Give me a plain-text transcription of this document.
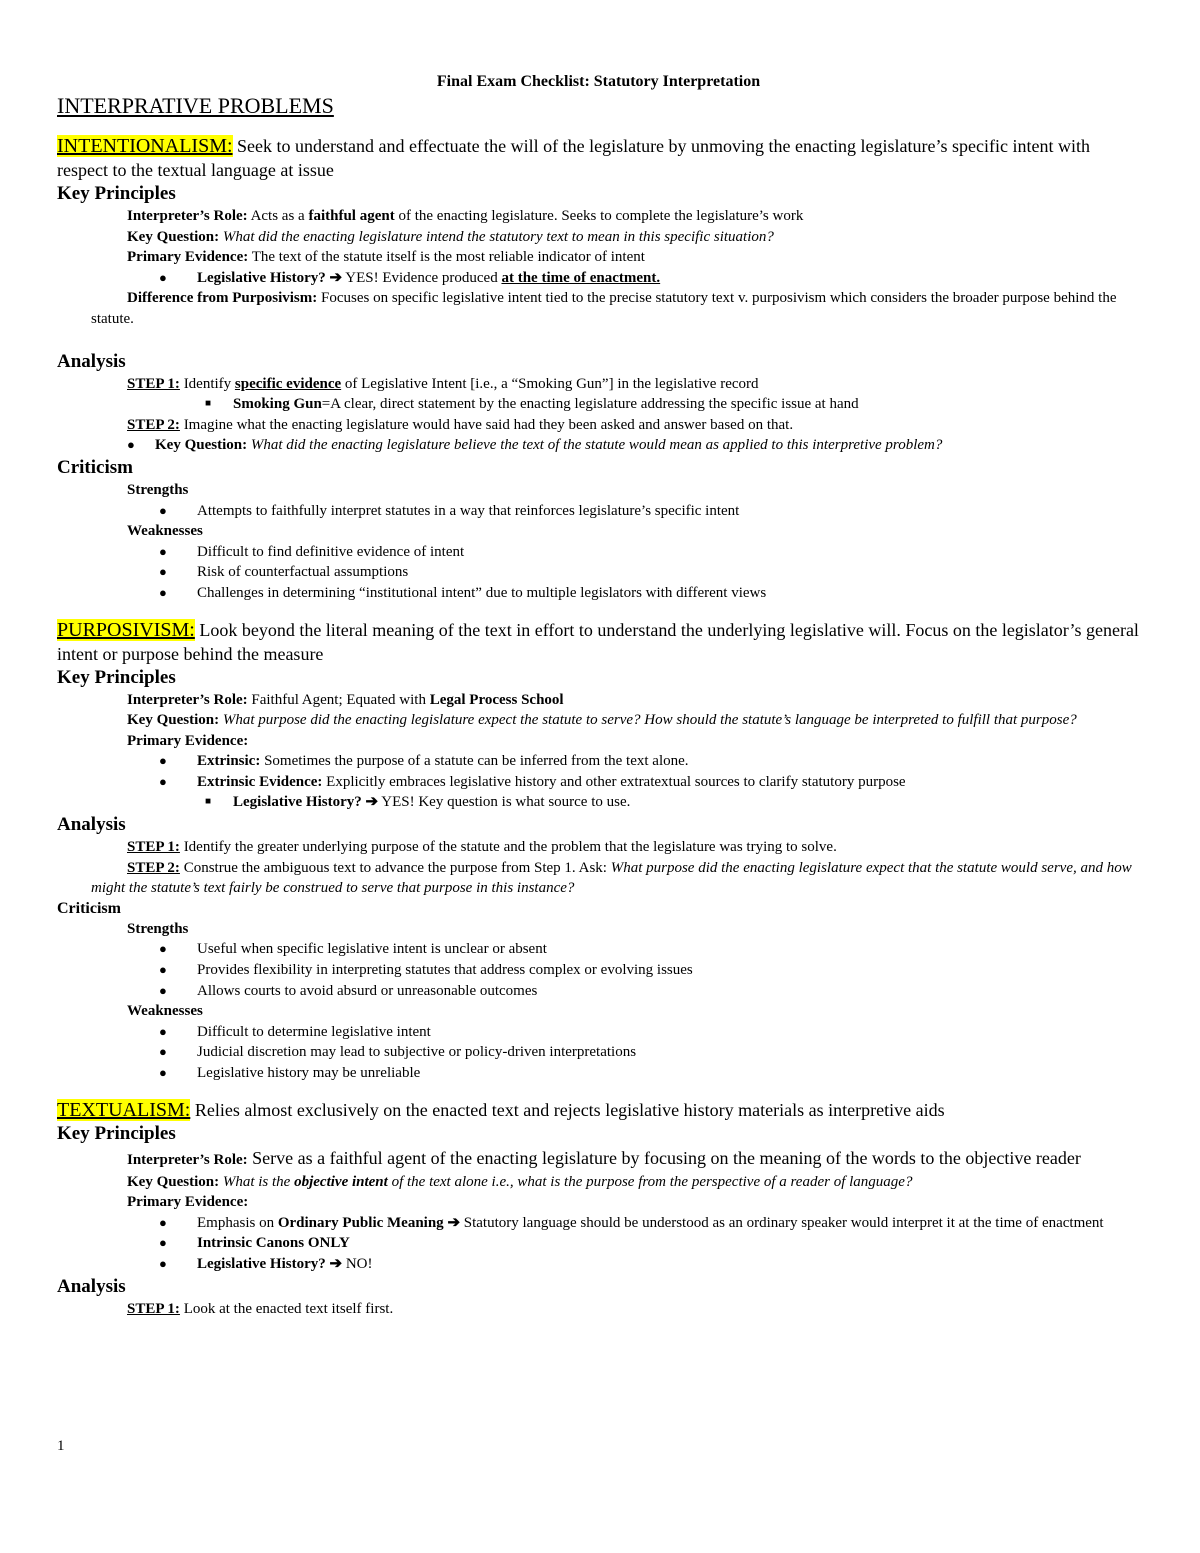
Final Exam Checklist: Statutory Interpretation

INTERPRATIVE PROBLEMS

INTENTIONALISM: Seek to understand and effectuate the will of the legislature by unmoving the enacting legislature’s specific intent with respect to the textual language at issue

Key Principles

Interpreter’s Role: Acts as a faithful agent of the enacting legislature. Seeks to complete the legislature’s work
Key Question: What did the enacting legislature intend the statutory text to mean in this specific situation?
Primary Evidence: The text of the statute itself is the most reliable indicator of intent
● Legislative History? ➔ YES! Evidence produced at the time of enactment.
Difference from Purposivism: Focuses on specific legislative intent tied to the precise statutory text v. purposivism which considers the broader purpose behind the statute.

Analysis

STEP 1: Identify specific evidence of Legislative Intent [i.e., a “Smoking Gun”] in the legislative record
■ Smoking Gun=A clear, direct statement by the enacting legislature addressing the specific issue at hand
STEP 2: Imagine what the enacting legislature would have said had they been asked and answer based on that.
● Key Question: What did the enacting legislature believe the text of the statute would mean as applied to this interpretive problem?

Criticism

Strengths
● Attempts to faithfully interpret statutes in a way that reinforces legislature’s specific intent
Weaknesses
● Difficult to find definitive evidence of intent
● Risk of counterfactual assumptions
● Challenges in determining “institutional intent” due to multiple legislators with different views

PURPOSIVISM: Look beyond the literal meaning of the text in effort to understand the underlying legislative will. Focus on the legislator’s general intent or purpose behind the measure

Key Principles

Interpreter’s Role: Faithful Agent; Equated with Legal Process School
Key Question: What purpose did the enacting legislature expect the statute to serve? How should the statute’s language be interpreted to fulfill that purpose?
Primary Evidence:
● Extrinsic: Sometimes the purpose of a statute can be inferred from the text alone.
● Extrinsic Evidence: Explicitly embraces legislative history and other extratextual sources to clarify statutory purpose
■ Legislative History? ➔ YES! Key question is what source to use.

Analysis

STEP 1: Identify the greater underlying purpose of the statute and the problem that the legislature was trying to solve.
STEP 2: Construe the ambiguous text to advance the purpose from Step 1. Ask: What purpose did the enacting legislature expect that the statute would serve, and how might the statute’s text fairly be construed to serve that purpose in this instance?

Criticism

Strengths
● Useful when specific legislative intent is unclear or absent
● Provides flexibility in interpreting statutes that address complex or evolving issues
● Allows courts to avoid absurd or unreasonable outcomes
Weaknesses
● Difficult to determine legislative intent
● Judicial discretion may lead to subjective or policy-driven interpretations
● Legislative history may be unreliable

TEXTUALISM: Relies almost exclusively on the enacted text and rejects legislative history materials as interpretive aids

Key Principles

Interpreter’s Role: Serve as a faithful agent of the enacting legislature by focusing on the meaning of the words to the objective reader
Key Question: What is the objective intent of the text alone i.e., what is the purpose from the perspective of a reader of language?
Primary Evidence:
● Emphasis on Ordinary Public Meaning ➔ Statutory language should be understood as an ordinary speaker would interpret it at the time of enactment
● Intrinsic Canons ONLY
● Legislative History? ➔ NO!

Analysis

STEP 1: Look at the enacted text itself first.
1
